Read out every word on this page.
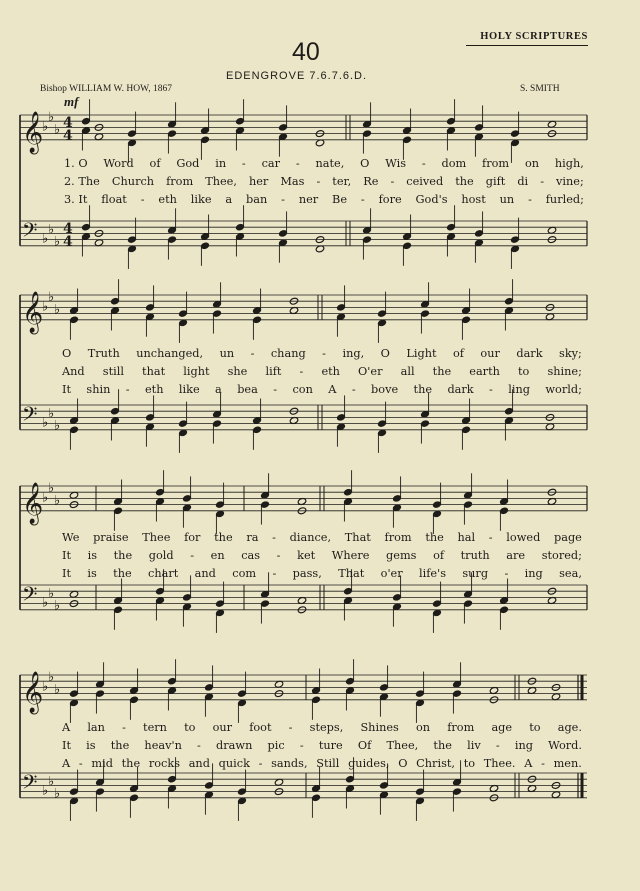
HOLY SCRIPTURES
40
EDENGROVE 7.6.7.6.D.
Bishop WILLIAM W. HOW, 1867	S. SMITH
mf
𝄞
♭
♭
♭ 4
4
𝄢 ♭
♭
♭
4
4
𝄞
♭
♭
♭
𝄢 ♭
♭
♭
𝄞
♭
♭
♭
𝄢 ♭
♭
♭
𝄞
♭
♭
♭
𝄢 ♭
♭
♭
1. O Word of God in - car - nate, O Wis - dom from on high,
2. The Church from Thee, her Mas - ter, Re - ceived the gift di - vine;
3. It float - eth like a ban - ner Be - fore God's host un - furled;
O Truth unchanged, un - chang - ing, O Light of our dark sky;
And still that light she lift - eth O'er all the earth to shine;
It shin - eth like a bea - con A - bove the dark - ling world;
We praise Thee for the ra - diance, That from the hal - lowed page
It is the gold - en cas - ket Where gems of truth are stored;
It is the chart and com - pass, That o'er life's surg - ing sea,
A lan - tern to our foot - steps, Shines on from age to age.
It is the heav'n - drawn pic - ture Of Thee, the liv - ing Word.
A - mid the rocks and quick - sands, Still guides, O Christ, to Thee. A - men.
